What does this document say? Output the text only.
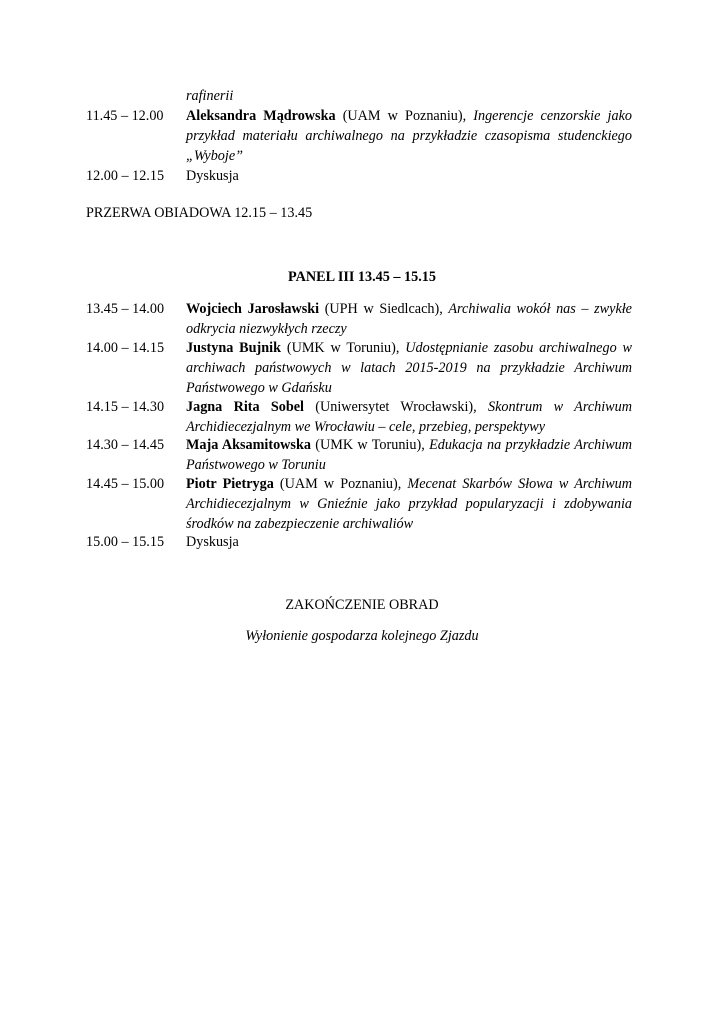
rafinerii
11.45 – 12.00	Aleksandra Mądrowska (UAM w Poznaniu), Ingerencje cenzorskie jako przykład materiału archiwalnego na przykładzie czasopisma studenckiego „Wyboje”
12.00 – 12.15	Dyskusja
PRZERWA OBIADOWA 12.15 – 13.45
PANEL III 13.45 – 15.15
13.45 – 14.00	Wojciech Jarosławski (UPH w Siedlcach), Archiwalia wokół nas – zwykłe odkrycia niezwykłych rzeczy
14.00 – 14.15	Justyna Bujnik (UMK w Toruniu), Udostępnianie zasobu archiwalnego w archiwach państwowych w latach 2015-2019 na przykładzie Archiwum Państwowego w Gdańsku
14.15 – 14.30	Jagna Rita Sobel (Uniwersytet Wrocławski), Skontrum w Archiwum Archidiecezjalnym we Wrocławiu – cele, przebieg, perspektywy
14.30 – 14.45	Maja Aksamitowska (UMK w Toruniu), Edukacja na przykładzie Archiwum Państwowego w Toruniu
14.45 – 15.00	Piotr Pietryga (UAM w Poznaniu), Mecenat Skarbów Słowa w Archiwum Archidiecezjalnym w Gnieźnie jako przykład popularyzacji i zdobywania środków na zabezpieczenie archiwaliów
15.00 – 15.15	Dyskusja
ZAKOŃCZENIE OBRAD
Wyłonienie gospodarza kolejnego Zjazdu
